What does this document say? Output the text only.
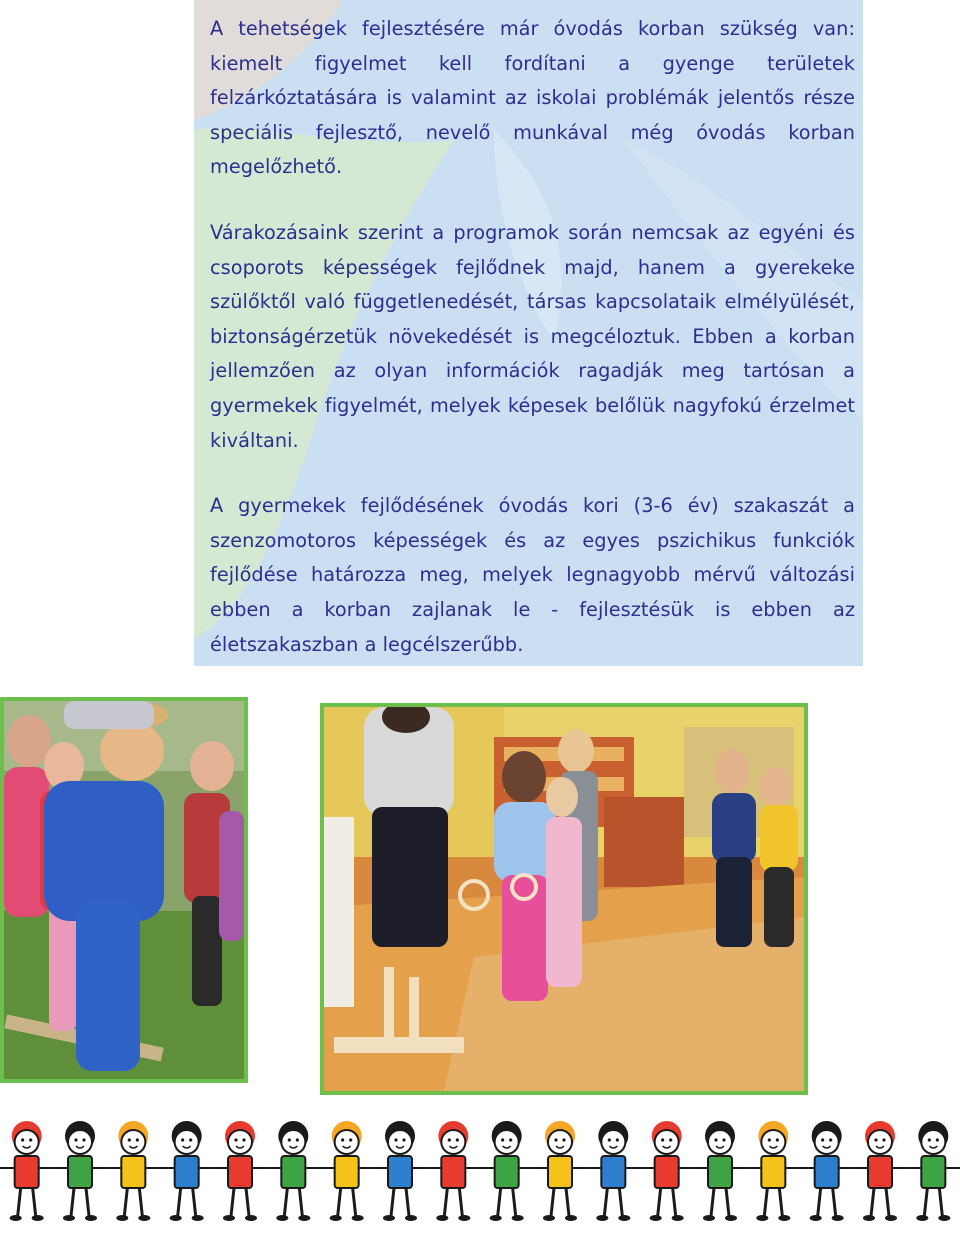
A tehetségek fejlesztésére már óvodás korban szükség van: kiemelt figyelmet kell fordítani a gyenge területek felzárkóztatására is valamint az iskolai problémák jelentős része speciális fejlesztő, nevelő munkával még óvodás korban megelőzhető.

Várakozásaink szerint a programok során nemcsak az egyéni és csoporots képességek fejlődnek majd, hanem a gyerekeke szülőktől való függetlenedését, társas kapcsolataik elmélyülését, biztonságérzetük növekedését is megcéloztuk. Ebben a korban jellemzően az olyan információk ragadják meg tartósan a gyermekek figyelmét, melyek képesek belőlük nagyfokú érzelmet kiváltani.

A gyermekek fejlődésének óvodás kori (3-6 év) szakaszát a szenzomotoros képességek és az egyes pszichikus funkciók fejlődése határozza meg, melyek legnagyobb mérvű változási ebben a korban zajlanak le - fejlesztésük is ebben az életszakaszban a legcélszerűbb.
